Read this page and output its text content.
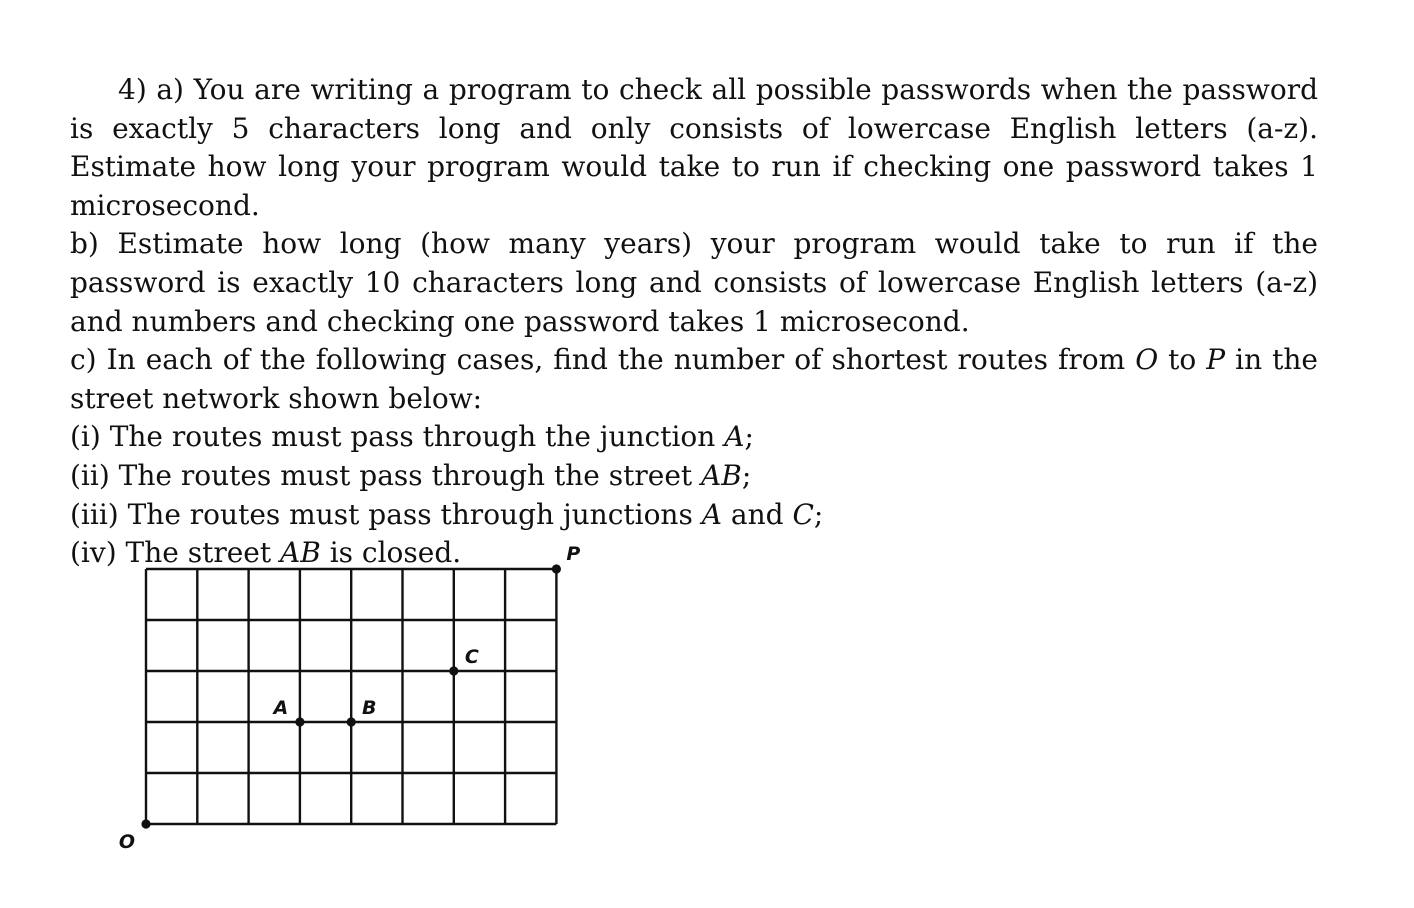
4) a) You are writing a program to check all possible passwords when the password is exactly 5 characters long and only consists of lowercase English letters (a-z). Estimate how long your program would take to run if checking one password takes 1 microsecond.

b) Estimate how long (how many years) your program would take to run if the password is exactly 10 characters long and consists of lowercase English letters (a-z) and numbers and checking one password takes 1 microsecond.

c) In each of the following cases, find the number of shortest routes from O to P in the street network shown below:

(i) The routes must pass through the junction A;

(ii) The routes must pass through the street AB;

(iii) The routes must pass through junctions A and C;

(iv) The street AB is closed.

O
P
A	B
C
